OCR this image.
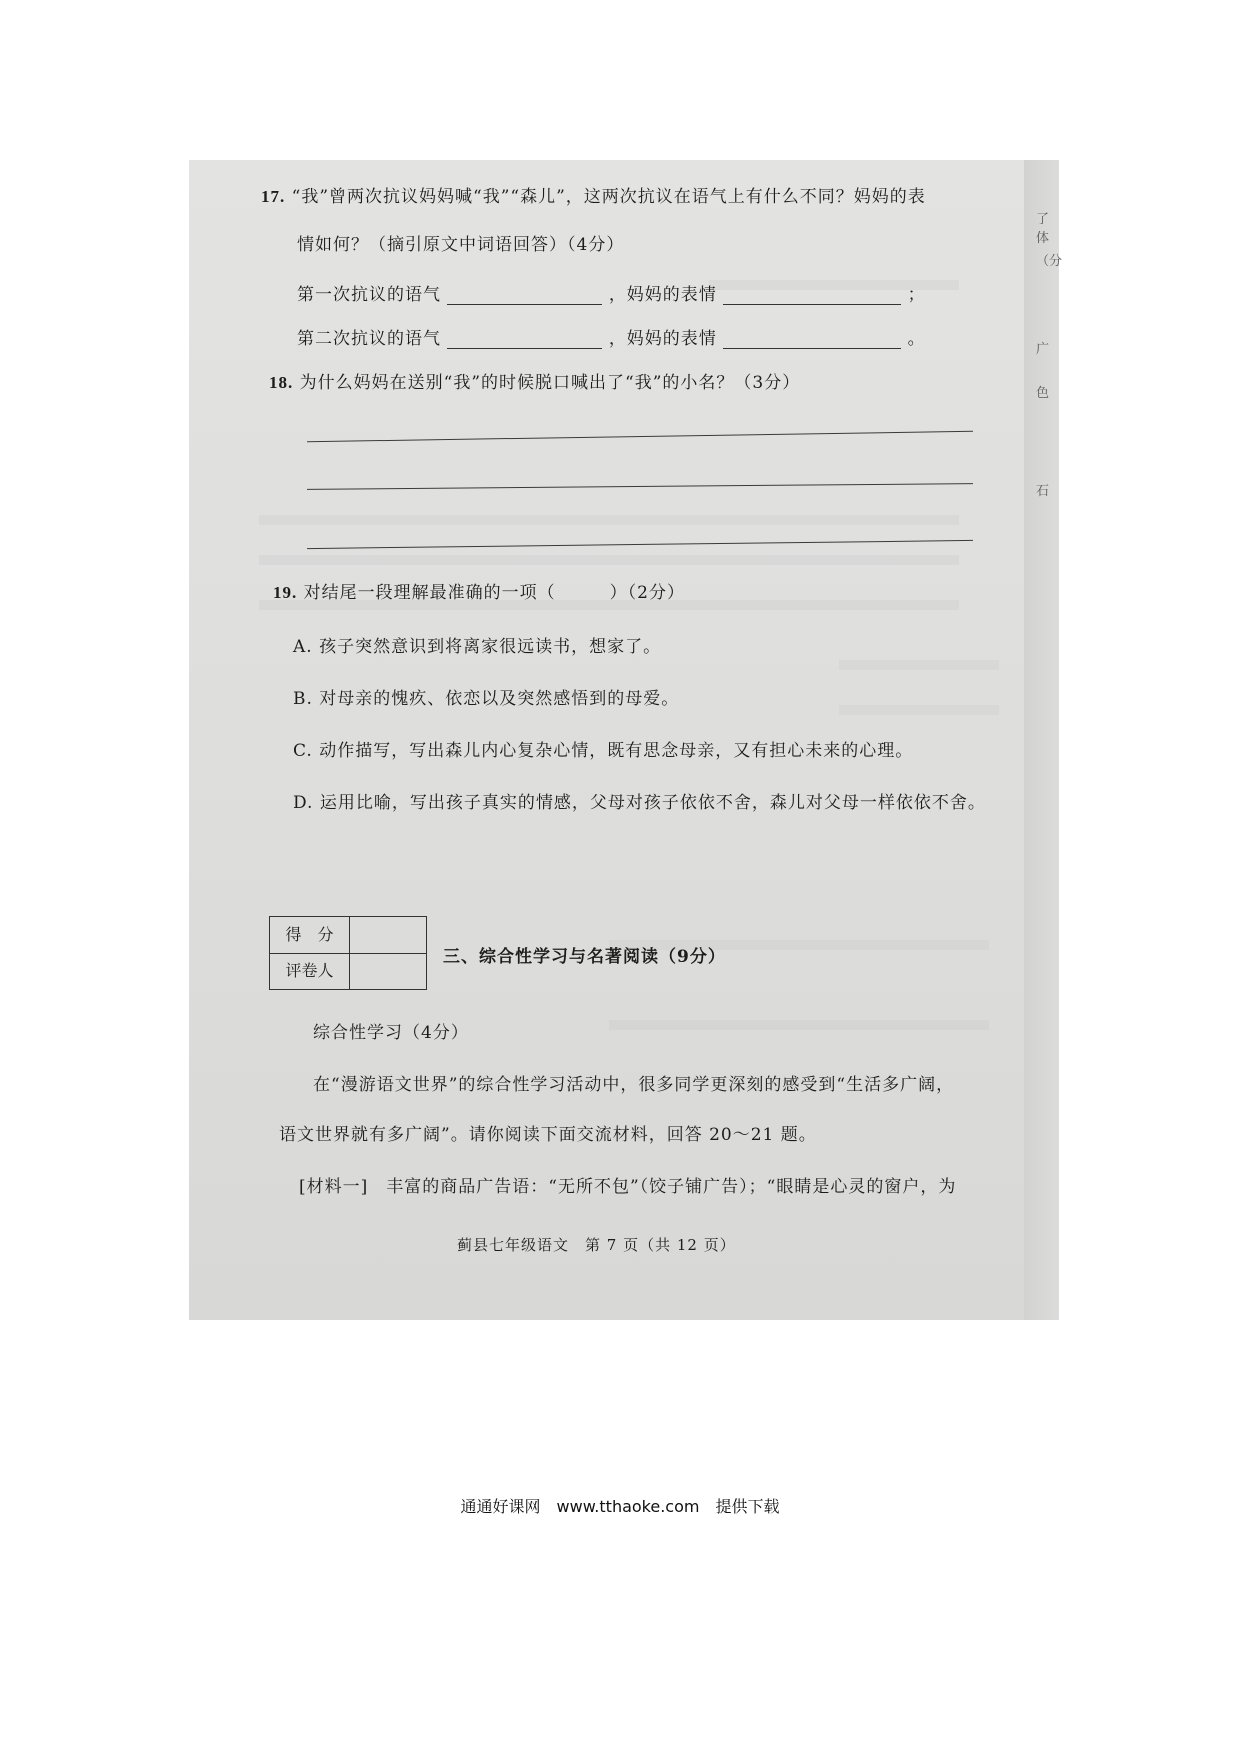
了体
（分
广
色
石
17. “我”曾两次抗议妈妈喊“我”“森儿”，这两次抗议在语气上有什么不同？妈妈的表
情如何？（摘引原文中词语回答）（4分）
第一次抗议的语气	，妈妈的表情	；
第二次抗议的语气	，妈妈的表情	。
18. 为什么妈妈在送别“我”的时候脱口喊出了“我”的小名？（3分）
19. 对结尾一段理解最准确的一项（　　　）（2分）
A. 孩子突然意识到将离家很远读书，想家了。
B. 对母亲的愧疚、依恋以及突然感悟到的母爱。
C. 动作描写，写出森儿内心复杂心情，既有思念母亲，又有担心未来的心理。
D. 运用比喻，写出孩子真实的情感，父母对孩子依依不舍，森儿对父母一样依依不舍。
得　分
评卷人
三、综合性学习与名著阅读（9分）
综合性学习（4分）
在“漫游语文世界”的综合性学习活动中，很多同学更深刻的感受到“生活多广阔，
语文世界就有多广阔”。请你阅读下面交流材料，回答 20～21 题。
[材料一]　丰富的商品广告语：“无所不包”（饺子铺广告）；“眼睛是心灵的窗户，为
蓟县七年级语文　第 7 页（共 12 页）
通通好课网　www.tthaoke.com　提供下载
